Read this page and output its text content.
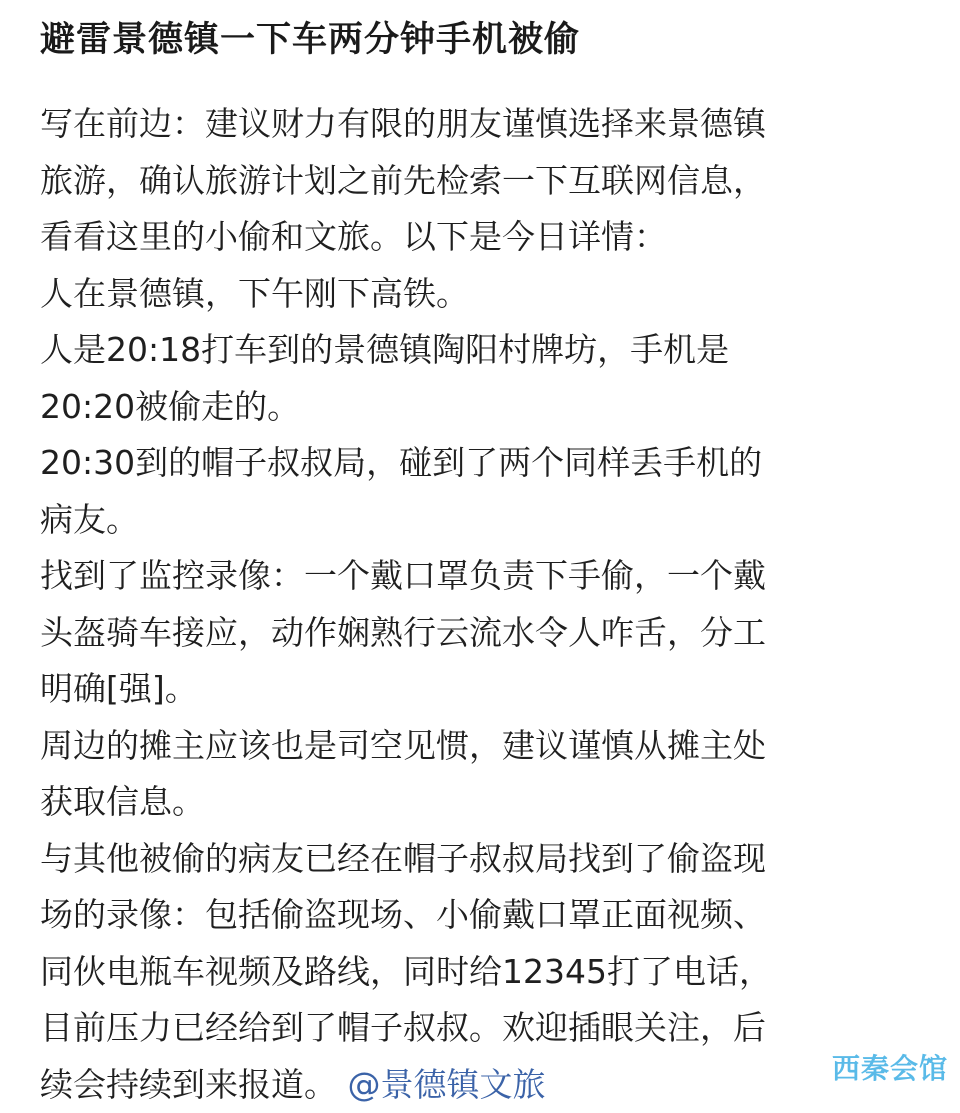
避雷景德镇一下车两分钟手机被偷

写在前边：建议财力有限的朋友谨慎选择来景德镇
旅游，确认旅游计划之前先检索一下互联网信息，
看看这里的小偷和文旅。以下是今日详情：

人在景德镇，下午刚下高铁。

人是20:18打车到的景德镇陶阳村牌坊，手机是
20:20被偷走的。

20:30到的帽子叔叔局，碰到了两个同样丢手机的
病友。

找到了监控录像：一个戴口罩负责下手偷，一个戴
头盔骑车接应，动作娴熟行云流水令人咋舌，分工
明确[强]。

周边的摊主应该也是司空见惯，建议谨慎从摊主处
获取信息。

与其他被偷的病友已经在帽子叔叔局找到了偷盗现
场的录像：包括偷盗现场、小偷戴口罩正面视频、
同伙电瓶车视频及路线，同时给12345打了电话，
目前压力已经给到了帽子叔叔。欢迎插眼关注，后
续会持续到来报道。 @景德镇文旅	西秦会馆
